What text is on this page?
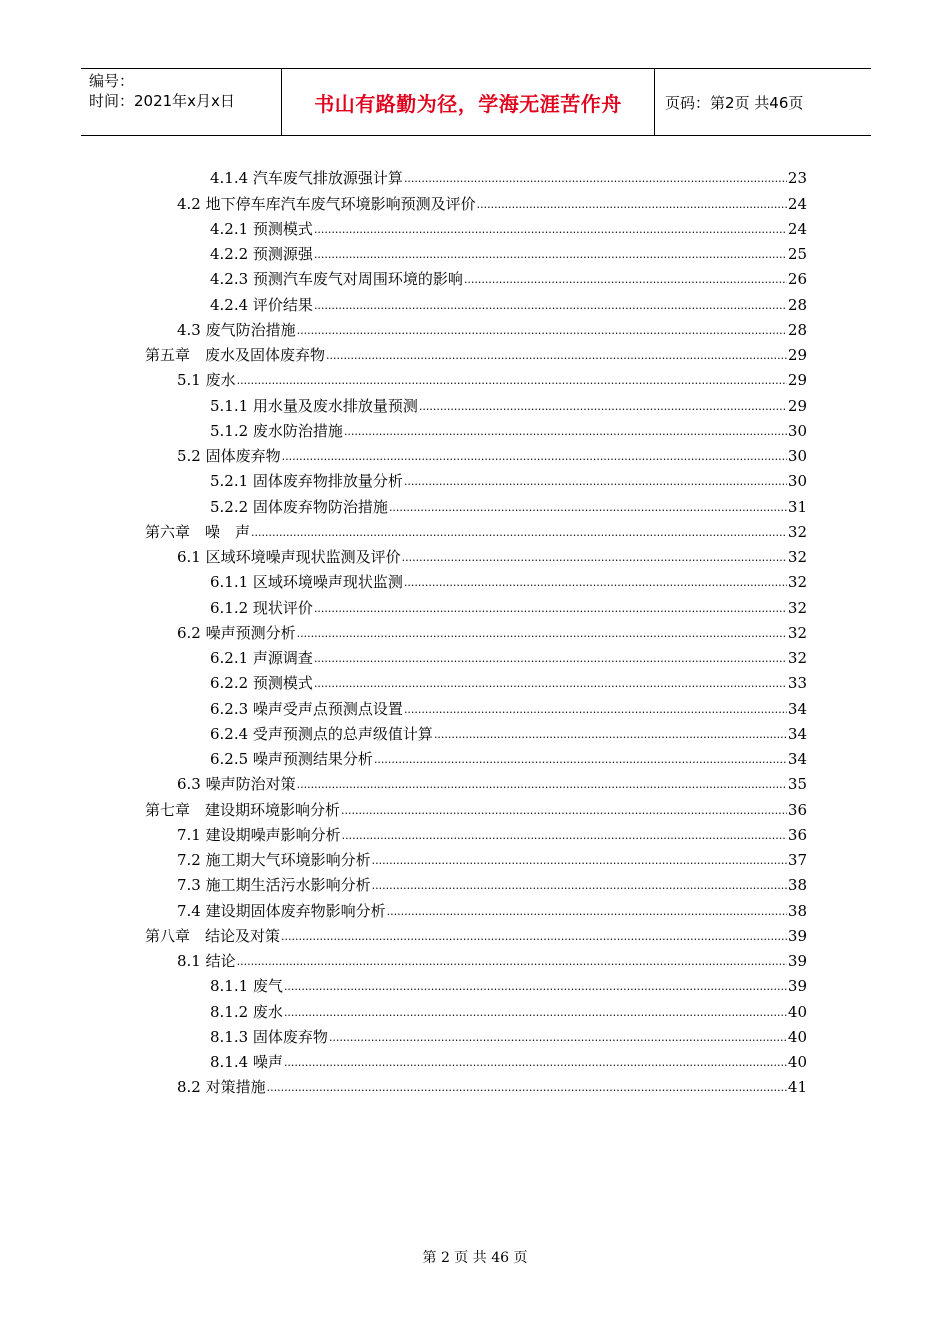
编号：
时间：2021年x月x日	书山有路勤为径，学海无涯苦作舟	页码：第2页 共46页
4.1.4 汽车废气排放源强计算 .....	23
4.2 地下停车库汽车废气环境影响预测及评价 .....	24
4.2.1 预测模式 .....	24
4.2.2 预测源强 .....	25
4.2.3 预测汽车废气对周围环境的影响 .....	26
4.2.4 评价结果 .....	28
4.3 废气防治措施 .....	28
第五章　废水及固体废弃物 .....	29
5.1 废水 .....	29
5.1.1 用水量及废水排放量预测 .....	29
5.1.2 废水防治措施 .....	30
5.2 固体废弃物 .....	30
5.2.1 固体废弃物排放量分析 .....	30
5.2.2 固体废弃物防治措施 .....	31
第六章　噪　声 .....	32
6.1 区域环境噪声现状监测及评价 .....	32
6.1.1 区域环境噪声现状监测 .....	32
6.1.2 现状评价 .....	32
6.2 噪声预测分析 .....	32
6.2.1 声源调查 .....	32
6.2.2 预测模式 .....	33
6.2.3 噪声受声点预测点设置 .....	34
6.2.4 受声预测点的总声级值计算 .....	34
6.2.5 噪声预测结果分析 .....	34
6.3 噪声防治对策 .....	35
第七章　建设期环境影响分析 .....	36
7.1 建设期噪声影响分析 .....	36
7.2 施工期大气环境影响分析 .....	37
7.3 施工期生活污水影响分析 .....	38
7.4 建设期固体废弃物影响分析 .....	38
第八章　结论及对策 .....	39
8.1 结论 .....	39
8.1.1 废气 .....	39
8.1.2 废水 .....	40
8.1.3 固体废弃物 .....	40
8.1.4 噪声 .....	40
8.2 对策措施 .....	41
第 2 页 共 46 页
